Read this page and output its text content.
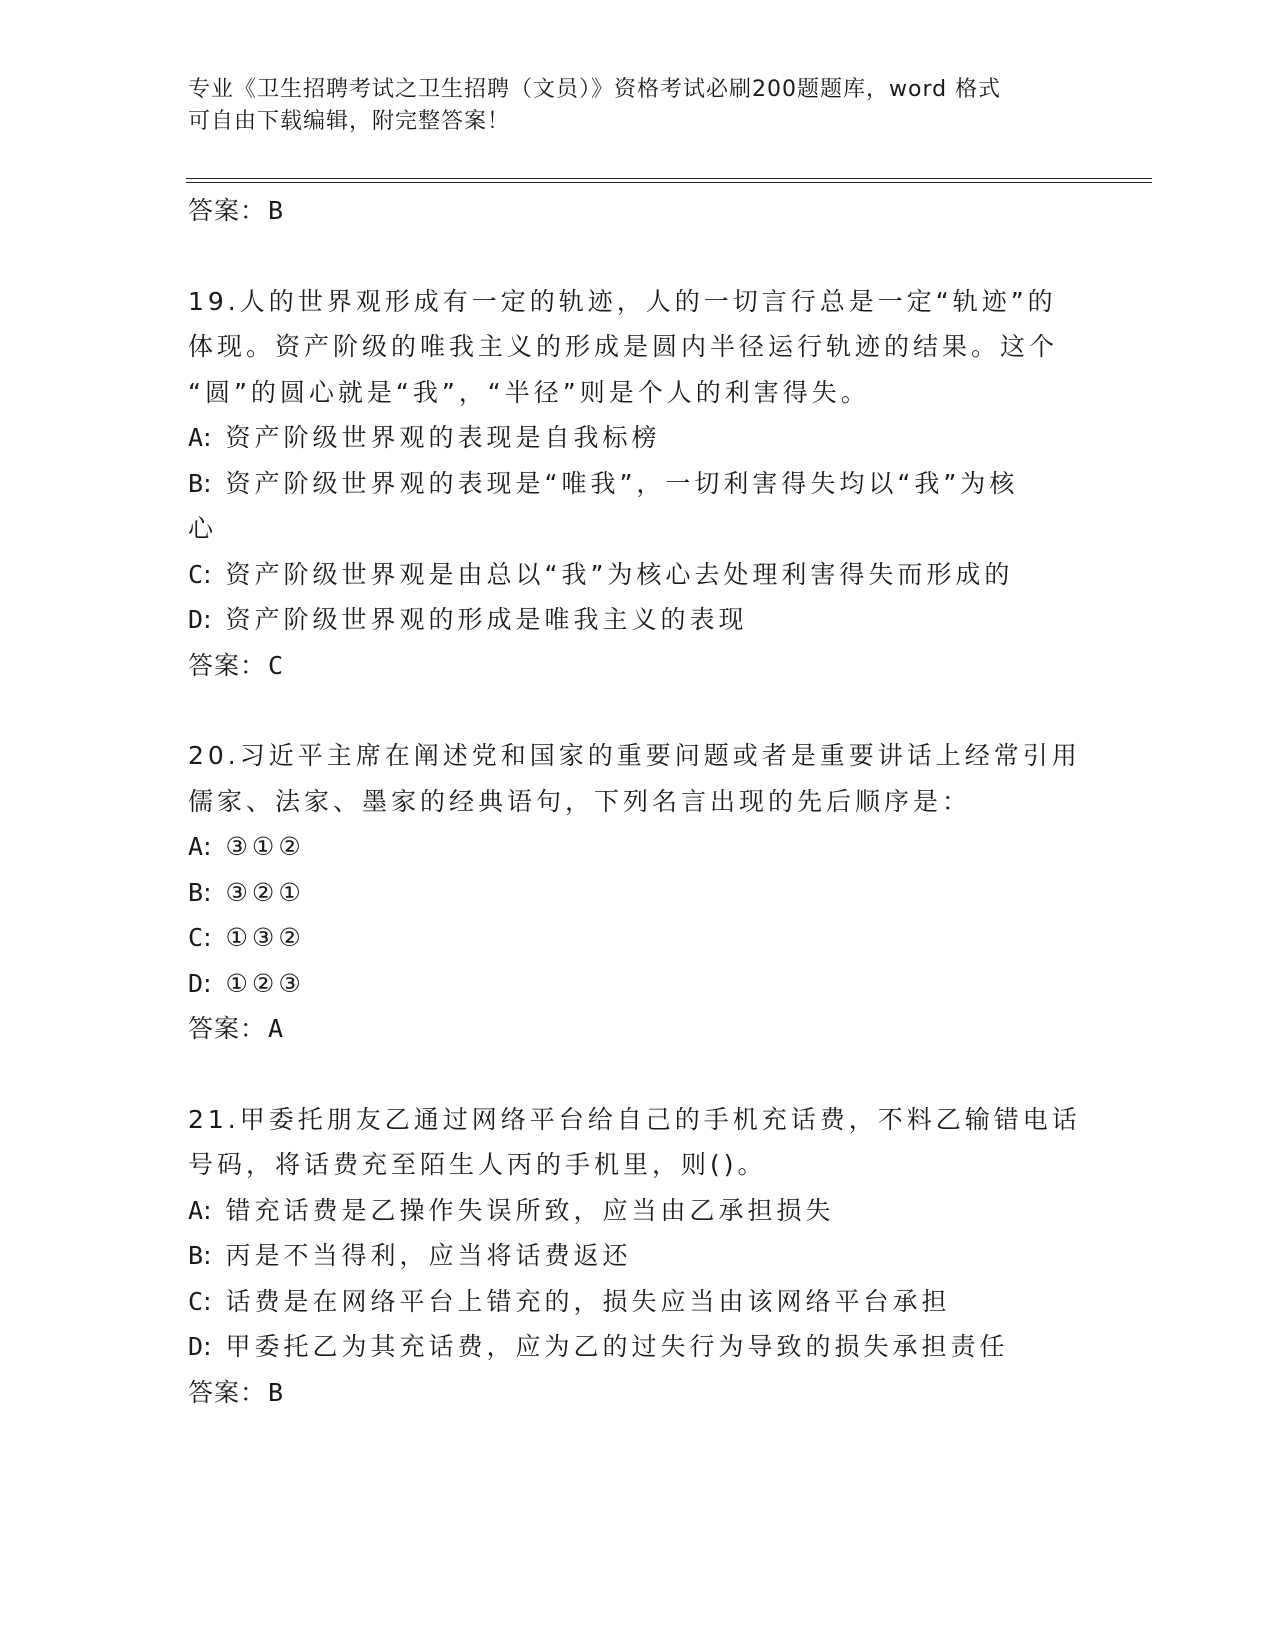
专业《卫生招聘考试之卫生招聘（文员）》资格考试必刷200题题库，word 格式
可自由下载编辑，附完整答案！
答案：B
19.人的世界观形成有一定的轨迹，人的一切言行总是一定“轨迹”的
体现。资产阶级的唯我主义的形成是圆内半径运行轨迹的结果。这个
“圆”的圆心就是“我”，“半径”则是个人的利害得失。
A: 资产阶级世界观的表现是自我标榜
B: 资产阶级世界观的表现是“唯我”，一切利害得失均以“我”为核
心
C: 资产阶级世界观是由总以“我”为核心去处理利害得失而形成的
D: 资产阶级世界观的形成是唯我主义的表现
答案：C
20.习近平主席在阐述党和国家的重要问题或者是重要讲话上经常引用
儒家、法家、墨家的经典语句，下列名言出现的先后顺序是：
A: ③①②
B: ③②①
C: ①③②
D: ①②③
答案：A
21.甲委托朋友乙通过网络平台给自己的手机充话费，不料乙输错电话
号码，将话费充至陌生人丙的手机里，则()。
A: 错充话费是乙操作失误所致，应当由乙承担损失
B: 丙是不当得利，应当将话费返还
C: 话费是在网络平台上错充的，损失应当由该网络平台承担
D: 甲委托乙为其充话费，应为乙的过失行为导致的损失承担责任
答案：B
